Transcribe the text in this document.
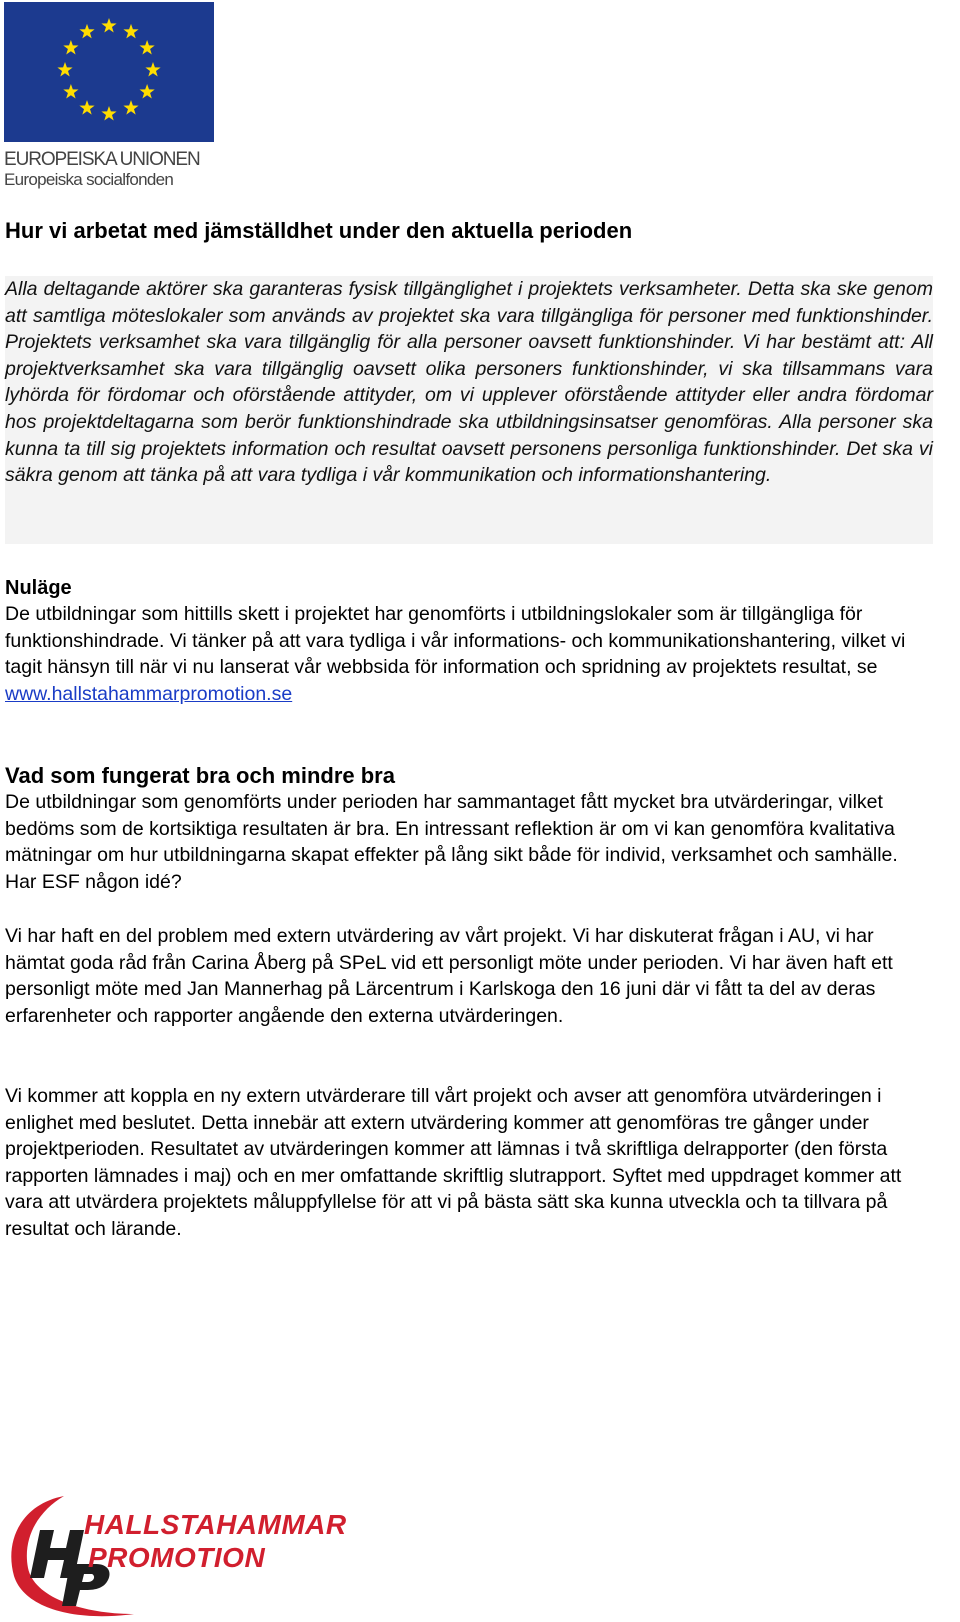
EUROPEISKA UNIONEN
Europeiska socialfonden
Hur vi arbetat med jämställdhet under den aktuella perioden

Alla deltagande aktörer ska garanteras fysisk tillgänglighet i projektets verksamheter. Detta ska ske genom att samtliga möteslokaler som används av projektet ska vara tillgängliga för personer med funktionshinder. Projektets verksamhet ska vara tillgänglig för alla personer oavsett funktionshinder. Vi har bestämt att: All projektverksamhet ska vara tillgänglig oavsett olika personers funktionshinder, vi ska tillsammans vara lyhörda för fördomar och oförstående attityder, om vi upplever oförstående attityder eller andra fördomar hos projektdeltagarna som berör funktionshindrade ska utbildningsinsatser genomföras. Alla personer ska kunna ta till sig projektets information och resultat oavsett personens personliga funktionshinder. Det ska vi säkra genom att tänka på att vara tydliga i vår kommunikation och informationshantering.

Nuläge

De utbildningar som hittills skett i projektet har genomförts i utbildningslokaler som är tillgängliga för funktionshindrade. Vi tänker på att vara tydliga i vår informations- och kommunikationshantering, vilket vi tagit hänsyn till när vi nu lanserat vår webbsida för information och spridning av projektets resultat, se www.hallstahammarpromotion.se

Vad som fungerat bra och mindre bra

De utbildningar som genomförts under perioden har sammantaget fått mycket bra utvärderingar, vilket bedöms som de kortsiktiga resultaten är bra. En intressant reflektion är om vi kan genomföra kvalitativa mätningar om hur utbildningarna skapat effekter på lång sikt både för individ, verksamhet och samhälle. Har ESF någon idé?

Vi har haft en del problem med extern utvärdering av vårt projekt. Vi har diskuterat frågan i AU, vi har hämtat goda råd från Carina Åberg på SPeL vid ett personligt möte under perioden. Vi har även haft ett personligt möte med Jan Mannerhag på Lärcentrum i Karlskoga den 16 juni där vi fått ta del av deras erfarenheter och rapporter angående den externa utvärderingen.
Vi kommer att koppla en ny extern utvärderare till vårt projekt och avser att genomföra utvärderingen i enlighet med beslutet. Detta innebär att extern utvärdering kommer att genomföras tre gånger under projektperioden. Resultatet av utvärderingen kommer att lämnas i två skriftliga delrapporter (den första rapporten lämnades i maj) och en mer omfattande skriftlig slutrapport. Syftet med uppdraget kommer att vara att utvärdera projektets måluppfyllelse för att vi på bästa sätt ska kunna utveckla och ta tillvara på resultat och lärande.
HALLSTAHAMMAR
PROMOTION
